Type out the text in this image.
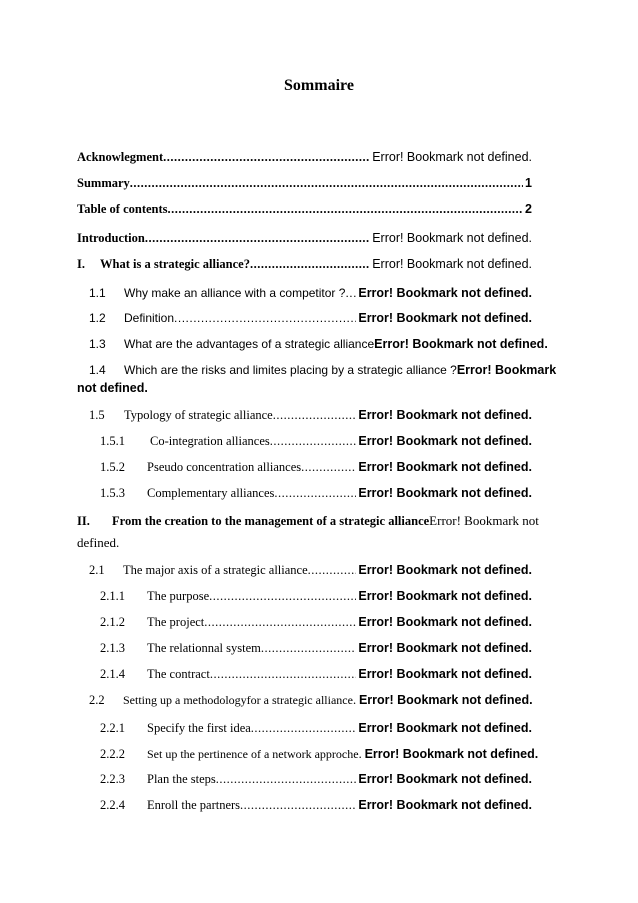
Sommaire
Acknowlegment .....	Error! Bookmark not defined.
Summary .....	1
Table of contents .....	2
Introduction .....	Error! Bookmark not defined.
I.	What is a strategic alliance? .....	Error! Bookmark not defined.
1.1	Why make an alliance with a competitor ? ..... Error! Bookmark not defined.
1.2	Definition .....	Error! Bookmark not defined.
1.3	What are the advantages of a strategic alliance Error! Bookmark not defined.
1.4	Which are the risks and limites placing by a strategic alliance ? Error! Bookmark
not defined.
1.5	Typology of strategic alliance .....	Error! Bookmark not defined.
1.5.1	Co-integration alliances .....	Error! Bookmark not defined.
1.5.2	Pseudo concentration alliances .....	Error! Bookmark not defined.
1.5.3	Complementary alliances .....	Error! Bookmark not defined.
II.	From the creation to the management of a strategic alliance Error! Bookmark not
defined.
2.1	The major axis of a strategic alliance .....	Error! Bookmark not defined.
2.1.1	The purpose .....	Error! Bookmark not defined.
2.1.2	The project .....	Error! Bookmark not defined.
2.1.3	The relationnal system .....	Error! Bookmark not defined.
2.1.4	The contract .....	Error! Bookmark not defined.
2.2	Setting up a methodologyfor a strategic alliance ..... Error! Bookmark not defined.
2.2.1	Specify the first idea .....	Error! Bookmark not defined.
2.2.2	Set up the pertinence of a network approche ..... Error! Bookmark not defined.
2.2.3	Plan the steps .....	Error! Bookmark not defined.
2.2.4	Enroll the partners .....	Error! Bookmark not defined.
